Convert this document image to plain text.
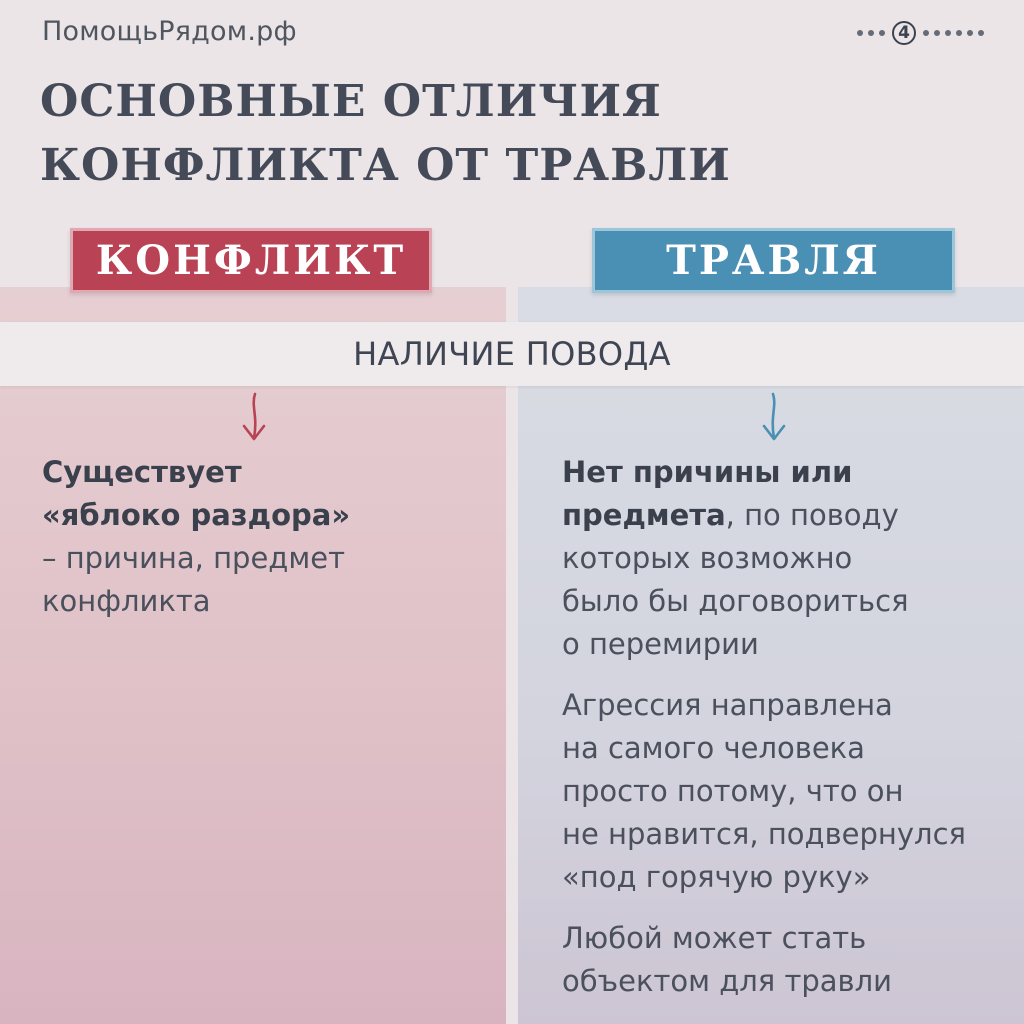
ПомощьРядом.рф	4
ОСНОВНЫЕ ОТЛИЧИЯ
КОНФЛИКТА ОТ ТРАВЛИ
КОНФЛИКТ	ТРАВЛЯ
НАЛИЧИЕ ПОВОДА
Существует
«яблоко раздора»
– причина, предмет
конфликта

Нет причины или
предмета, по поводу
которых возможно
было бы договориться
о перемирии

Агрессия направлена
на самого человека
просто потому, что он
не нравится, подвернулся
«под горячую руку»

Любой может стать
объектом для травли
